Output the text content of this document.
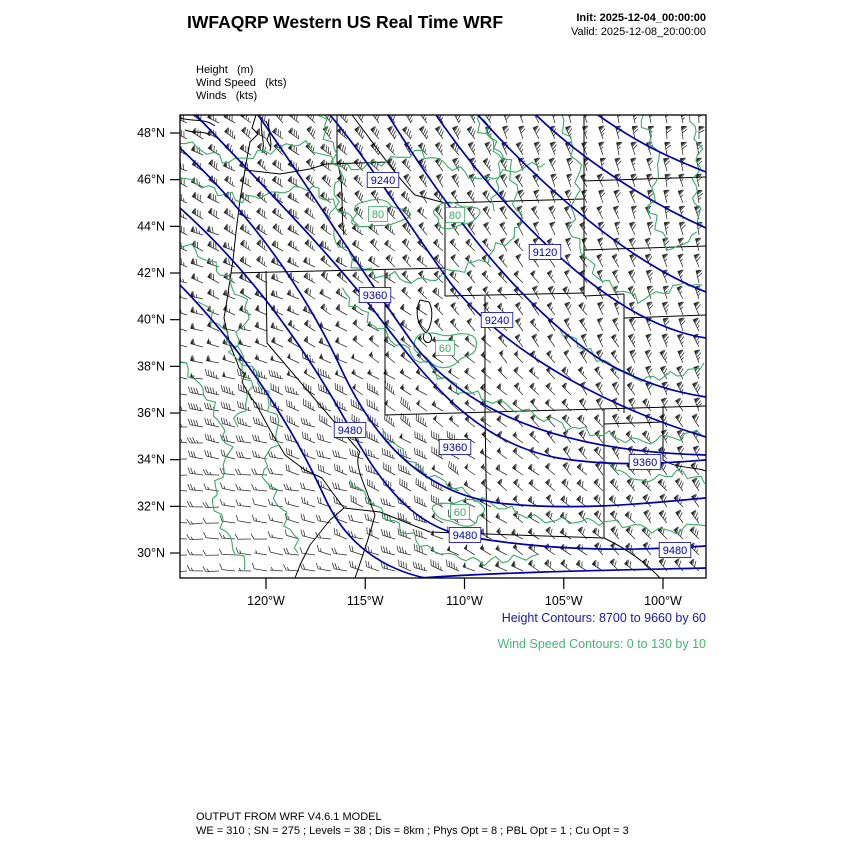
IWFAQRP Western US Real Time WRF	Init: 2025-12-04_00:00:00
Valid: 2025-12-08_20:00:00
Height   (m)
Wind Speed   (kts)
Winds   (kts)
9240
9120
9360
9240
9480
9360
9360
9480
9480
80	80
60
60
48°N
46°N
44°N
42°N
40°N
38°N
36°N
34°N
32°N
30°N
120°W	115°W	110°W	105°W	100°W
Height Contours: 8700 to 9660 by 60
Wind Speed Contours: 0 to 130 by 10
OUTPUT FROM WRF V4.6.1 MODEL
WE = 310 ; SN = 275 ; Levels = 38 ; Dis = 8km ; Phys Opt = 8 ; PBL Opt = 1 ; Cu Opt = 3
